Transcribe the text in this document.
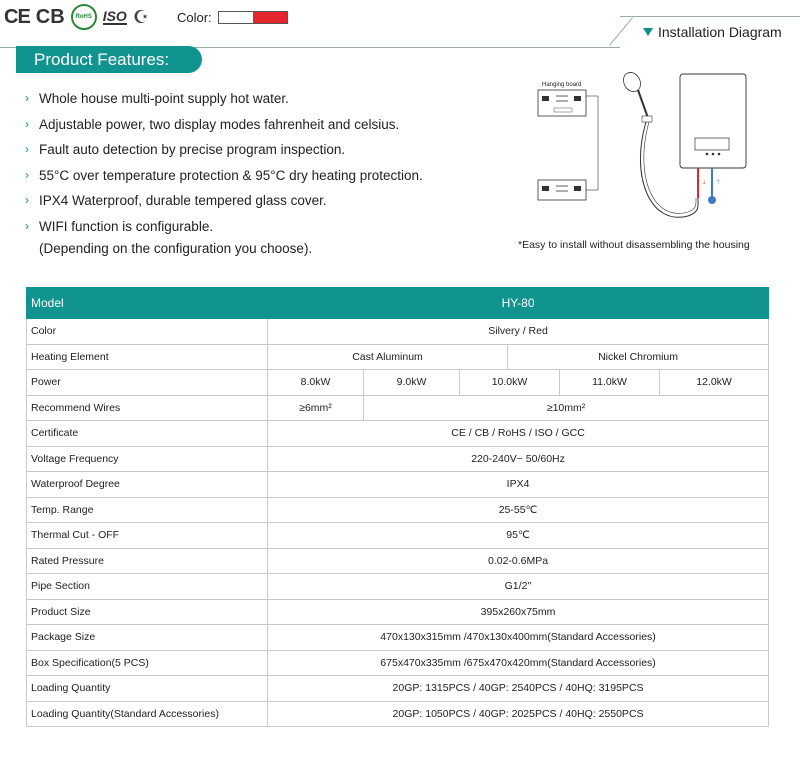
CE CB	RoHS ISO ☪ Color:
Installation Diagram
Product Features:
› Whole house multi-point supply hot water.
› Adjustable power, two display modes fahrenheit and celsius.
› Fault auto detection by precise program inspection.
› 55°C over temperature protection & 95°C dry heating protection.
› IPX4 Waterproof, durable tempered glass cover.
› WIFI function is configurable.
(Depending on the configuration you choose).
Hanging board
↓ ↑
*Easy to install without disassembling the housing
Model	HY-80					
Color	Silvery / Red					
Heating Element	Cast Aluminum			Nickel Chromium		
Power	8.0kW	9.0kW	10.0kW		11.0kW	12.0kW
Recommend Wires	≥6mm²	≥10mm²				
Certificate	CE / CB / RoHS / ISO / GCC					
Voltage Frequency	220-240V~ 50/60Hz					
Waterproof Degree	IPX4					
Temp. Range	25-55℃					
Thermal Cut - OFF	95℃					
Rated Pressure	0.02-0.6MPa					
Pipe Section	G1/2''					
Product Size	395x260x75mm					
Package Size	470x130x315mm /470x130x400mm(Standard Accessories)					
Box Specification(5 PCS)	675x470x335mm /675x470x420mm(Standard Accessories)					
Loading Quantity	20GP: 1315PCS / 40GP: 2540PCS / 40HQ: 3195PCS					
Loading Quantity(Standard Accessories)	20GP: 1050PCS / 40GP: 2025PCS / 40HQ: 2550PCS					
